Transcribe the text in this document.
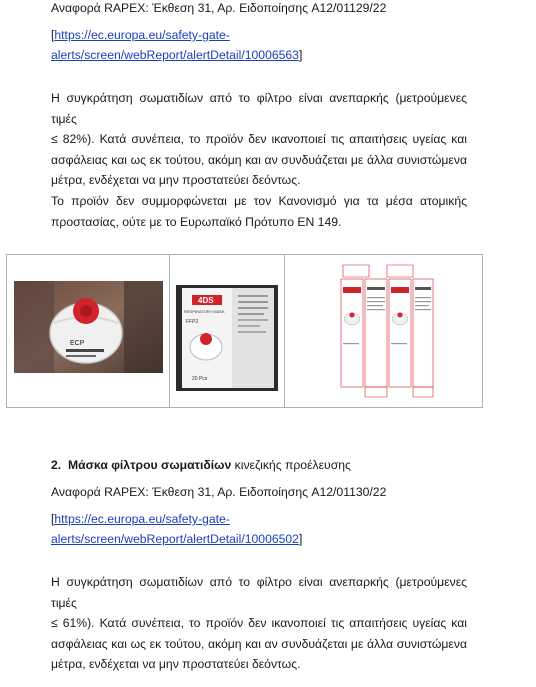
Αναφορά RAPEX: Έκθεση 31, Αρ. Ειδοποίησης A12/01129/22
[https://ec.europa.eu/safety-gate-
alerts/screen/webReport/alertDetail/10006563]

Η συγκράτηση σωματιδίων από το φίλτρο είναι ανεπαρκής (μετρούμενες τιμές

≤ 82%). Κατά συνέπεια, το προϊόν δεν ικανοποιεί τις απαιτήσεις υγείας και

ασφάλειας και ως εκ τούτου, ακόμη και αν συνδυάζεται με άλλα συνιστώμενα

μέτρα, ενδέχεται να μην προστατεύει δεόντως.

Το προϊόν δεν συμμορφώνεται με τον Κανονισμό για τα μέσα ατομικής

προστασίας, ούτε με το Ευρωπαϊκό Πρότυπο EN 149.

ECP
4DS
RESPIRATORY MASK
FFP2
20 Pcs
2. Μάσκα φίλτρου σωματιδίων κινεζικής προέλευσης
Αναφορά RAPEX: Έκθεση 31, Αρ. Ειδοποίησης A12/01130/22
[https://ec.europa.eu/safety-gate-
alerts/screen/webReport/alertDetail/10006502]

Η συγκράτηση σωματιδίων από το φίλτρο είναι ανεπαρκής (μετρούμενες τιμές

≤ 61%). Κατά συνέπεια, το προϊόν δεν ικανοποιεί τις απαιτήσεις υγείας και

ασφάλειας και ως εκ τούτου, ακόμη και αν συνδυάζεται με άλλα συνιστώμενα

μέτρα, ενδέχεται να μην προστατεύει δεόντως.
